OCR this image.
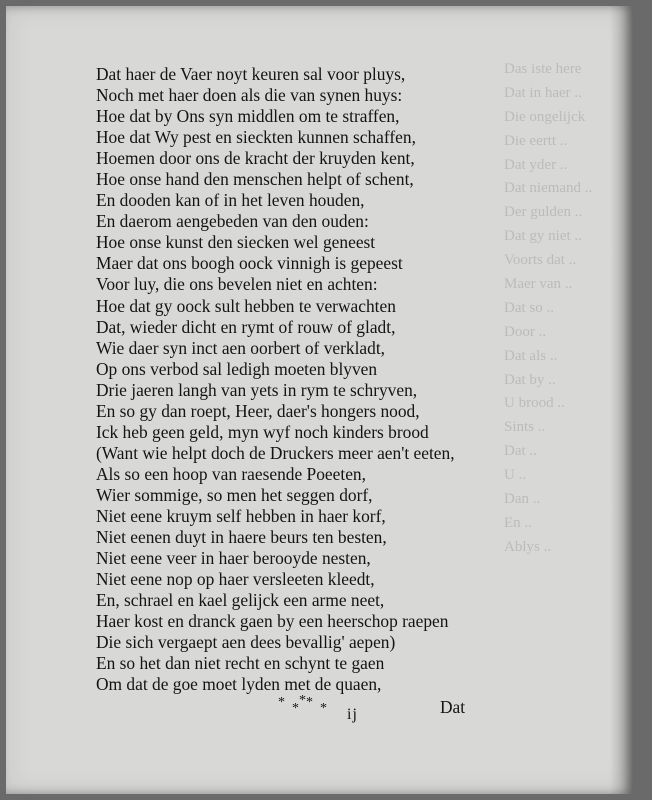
Das iste here
Dat in haer ..
Die ongelijck
Die eertt ..
Dat yder ..
Dat niemand ..
Der gulden ..
Dat gy niet ..
Voorts dat ..
Maer van ..
Dat so ..
Door ..
Dat als ..
Dat by ..
U brood ..
Sints ..
Dat ..
U ..
Dan ..
En ..
Ablys ..
Dat haer de Vaer noyt keuren sal voor pluys,
Noch met haer doen als die van synen huys:
Hoe dat by Ons syn middlen om te straffen,
Hoe dat Wy pest en sieckten kunnen schaffen,
Hoemen door ons de kracht der kruyden kent,
Hoe onse hand den menschen helpt of schent,
En dooden kan of in het leven houden,
En daerom aengebeden van den ouden:
Hoe onse kunst den siecken wel geneest
Maer dat ons boogh oock vinnigh is gepeest
Voor luy, die ons bevelen niet en achten:
Hoe dat gy oock sult hebben te verwachten
Dat, wieder dicht en rymt of rouw of gladt,
Wie daer syn inct aen oorbert of verkladt,
Op ons verbod sal ledigh moeten blyven
Drie jaeren langh van yets in rym te schryven,
En so gy dan roept, Heer, daer's hongers nood,
Ick heb geen geld, myn wyf noch kinders brood
(Want wie helpt doch de Druckers meer aen't eeten,
Als so een hoop van raesende Poeeten,
Wier sommige, so men het seggen dorf,
Niet eene kruym self hebben in haer korf,
Niet eenen duyt in haere beurs ten besten,
Niet eene veer in haer berooyde nesten,
Niet eene nop op haer versleeten kleedt,
En, schrael en kael gelijck een arme neet,
Haer kost en dranck gaen by een heerschop raepen
Die sich vergaept aen dees bevallig' aepen)
En so het dan niet recht en schynt te gaen
Om dat de goe moet lyden met de quaen,
* * * *
*
ij	Dat
